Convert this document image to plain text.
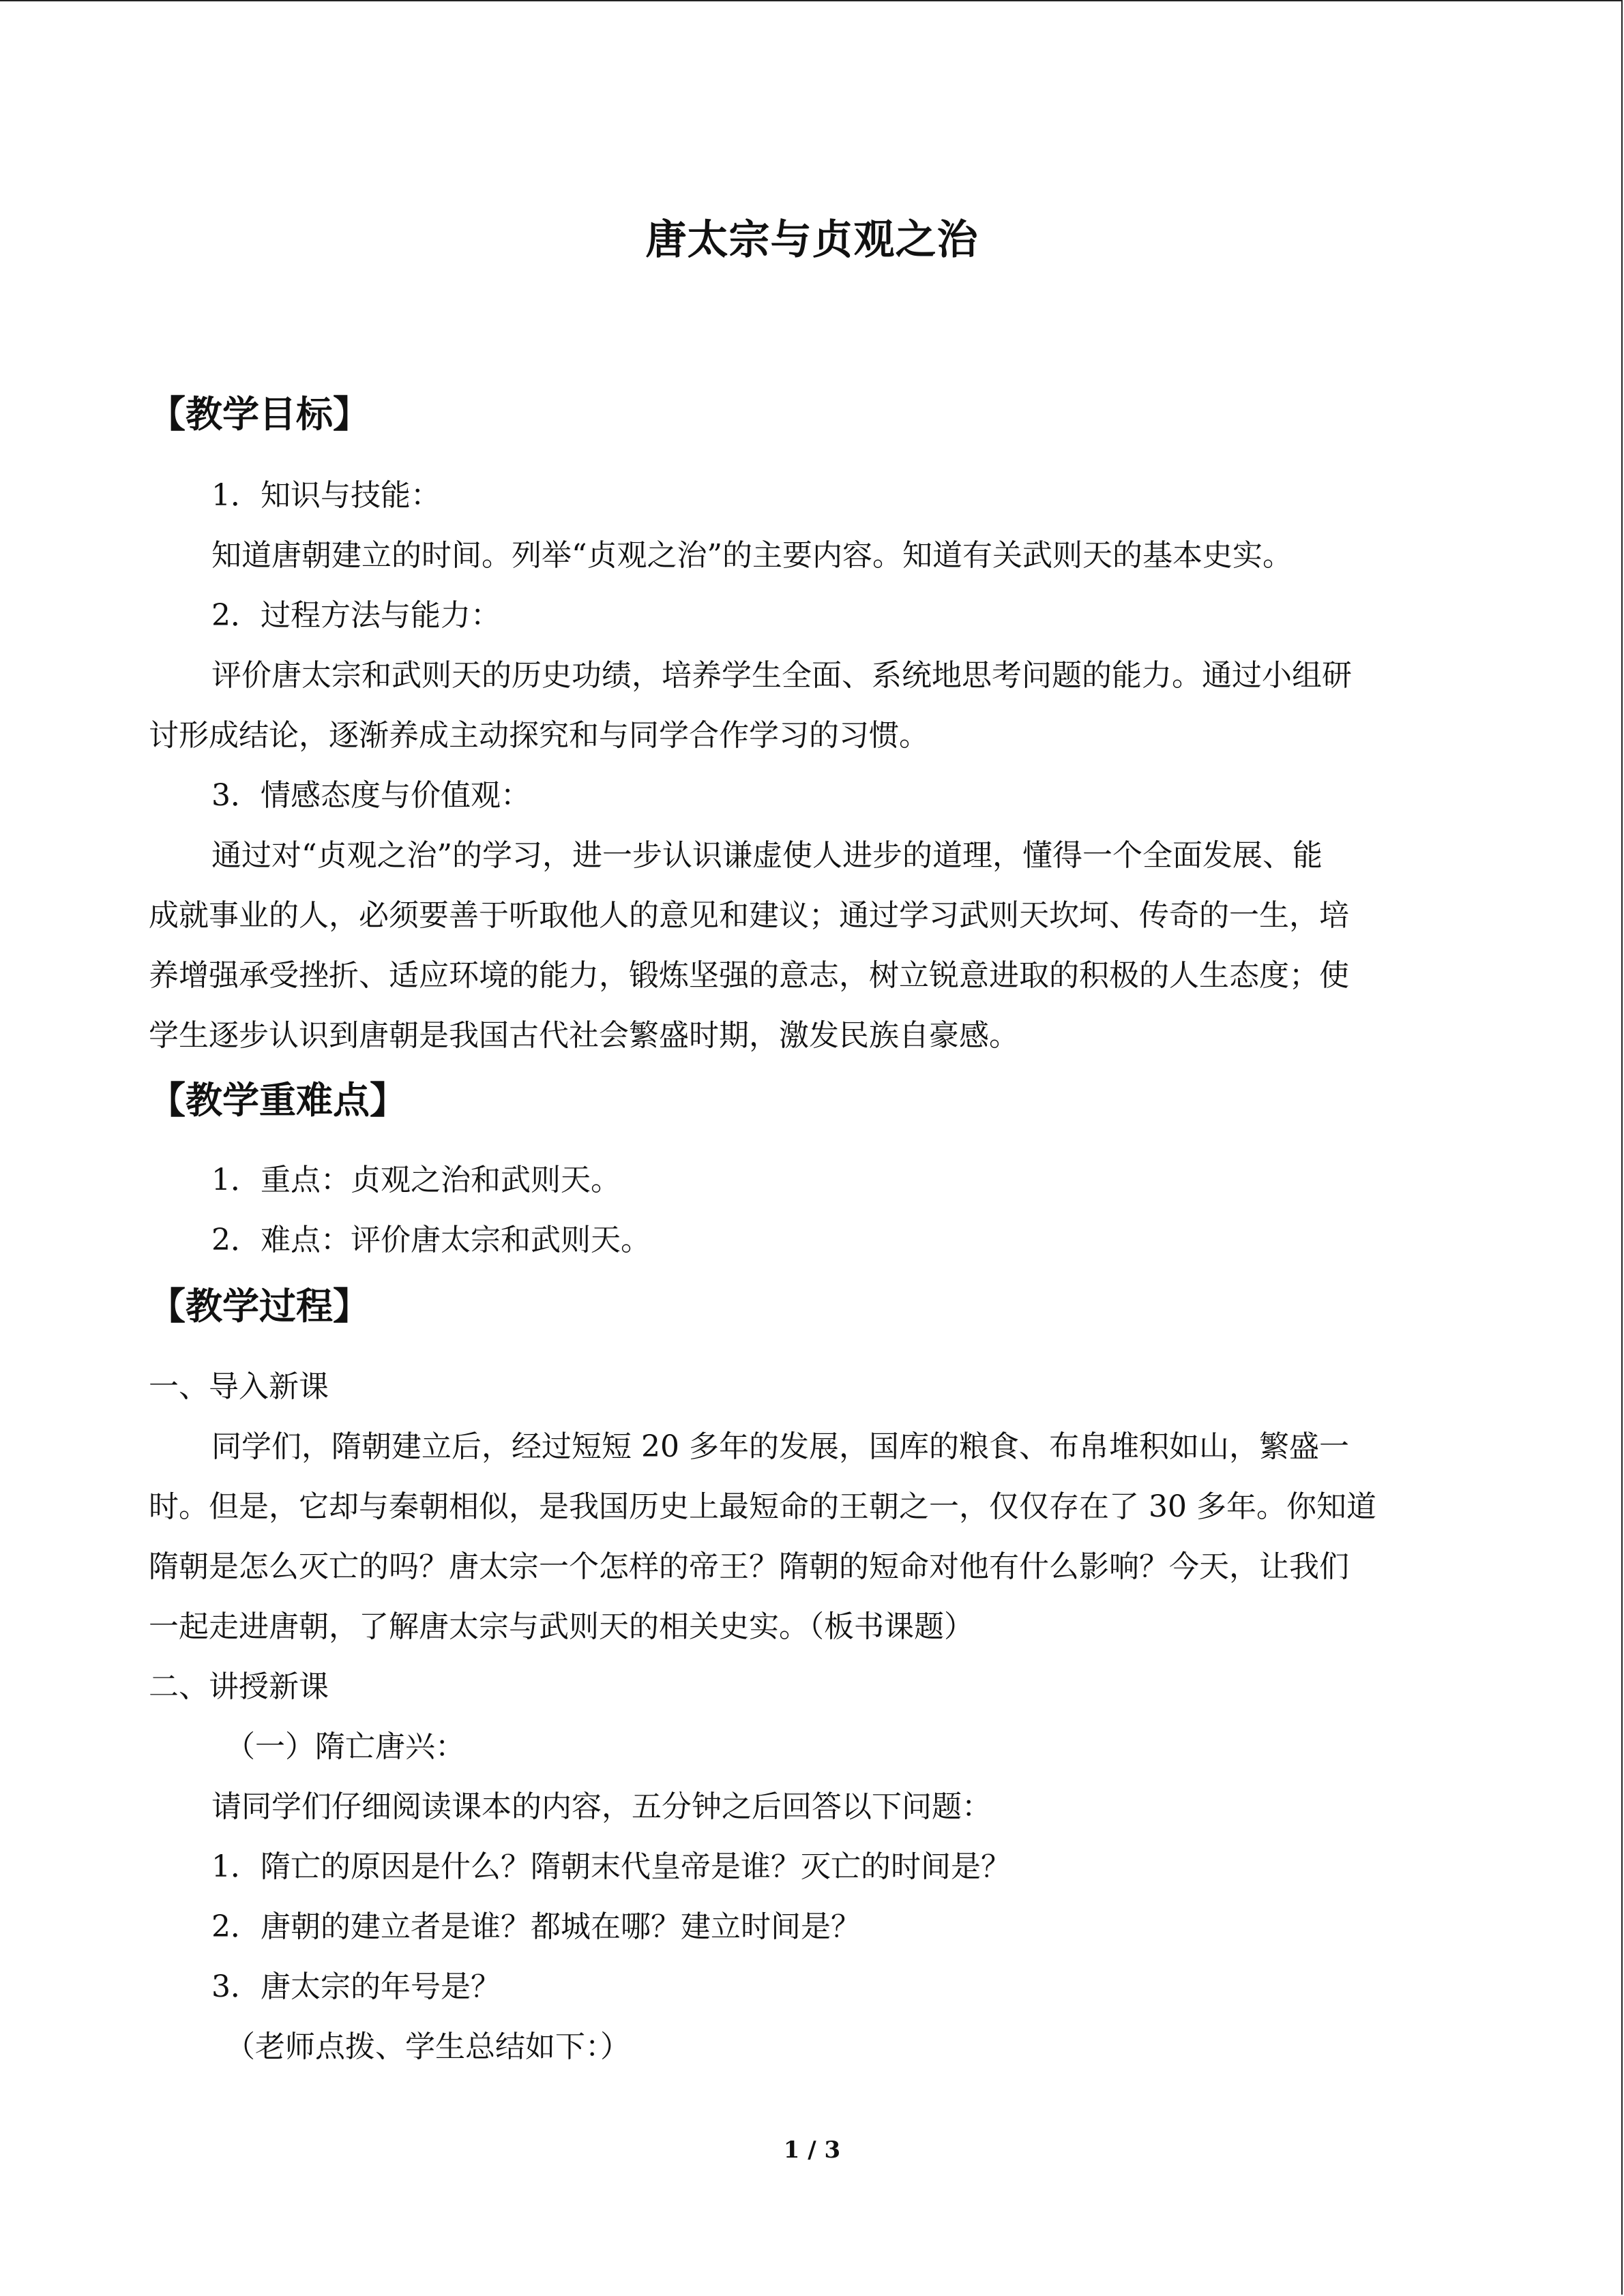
唐太宗与贞观之治
【教学目标】

1．知识与技能：

知道唐朝建立的时间。列举“贞观之治”的主要内容。知道有关武则天的基本史实。

2．过程方法与能力：

评价唐太宗和武则天的历史功绩，培养学生全面、系统地思考问题的能力。通过小组研

讨形成结论，逐渐养成主动探究和与同学合作学习的习惯。

3．情感态度与价值观：

通过对“贞观之治”的学习，进一步认识谦虚使人进步的道理，懂得一个全面发展、能

成就事业的人，必须要善于听取他人的意见和建议；通过学习武则天坎坷、传奇的一生，培

养增强承受挫折、适应环境的能力，锻炼坚强的意志，树立锐意进取的积极的人生态度；使

学生逐步认识到唐朝是我国古代社会繁盛时期，激发民族自豪感。

【教学重难点】

1．重点：贞观之治和武则天。

2．难点：评价唐太宗和武则天。

【教学过程】

一、导入新课

同学们，隋朝建立后，经过短短 20 多年的发展，国库的粮食、布帛堆积如山，繁盛一

时。但是，它却与秦朝相似，是我国历史上最短命的王朝之一，仅仅存在了 30 多年。你知道

隋朝是怎么灭亡的吗？唐太宗一个怎样的帝王？隋朝的短命对他有什么影响？今天，让我们

一起走进唐朝，了解唐太宗与武则天的相关史实。（板书课题）

二、讲授新课

（一）隋亡唐兴：

请同学们仔细阅读课本的内容，五分钟之后回答以下问题：

1．隋亡的原因是什么？隋朝末代皇帝是谁？灭亡的时间是？

2．唐朝的建立者是谁？都城在哪？建立时间是？

3．唐太宗的年号是？

（老师点拨、学生总结如下：）

1 / 3
